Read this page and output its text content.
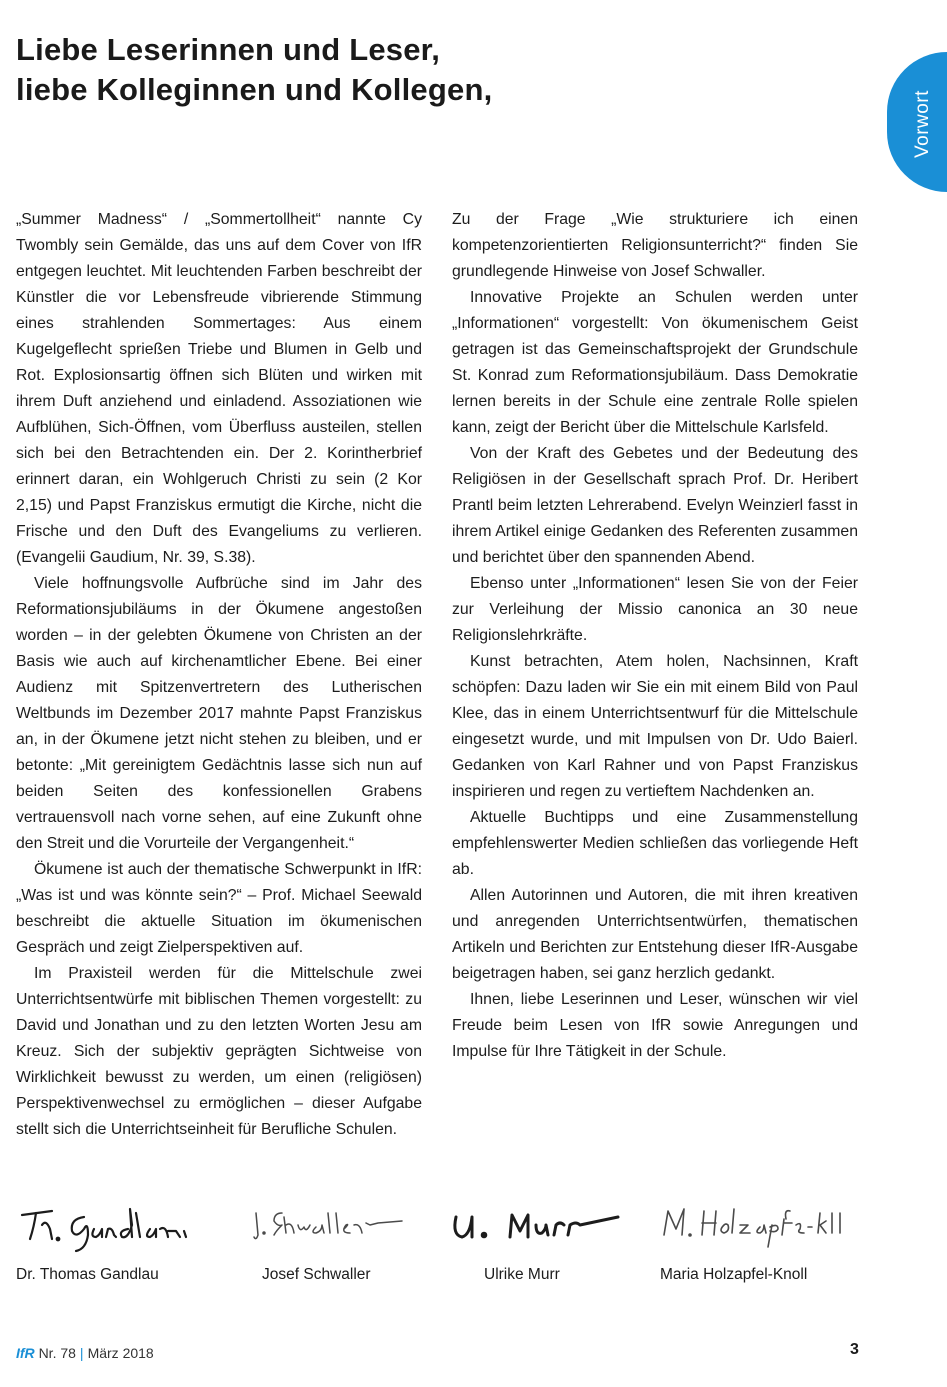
Liebe Leserinnen und Leser,
liebe Kolleginnen und Kollegen,
Vorwort

„Summer Madness“ / „Sommertollheit“ nannte Cy Twombly sein Gemälde, das uns auf dem Cover von IfR entgegen leuchtet. Mit leuchtenden Farben beschreibt der Künstler die vor Lebensfreude vibrierende Stimmung eines strahlenden Sommertages: Aus einem Kugelgeflecht sprießen Triebe und Blumen in Gelb und Rot. Explosionsartig öffnen sich Blüten und wirken mit ihrem Duft anziehend und einladend. Assoziationen wie Aufblühen, Sich-Öffnen, vom Überfluss austeilen, stellen sich bei den Betrachtenden ein. Der 2. Korintherbrief erinnert daran, ein Wohlgeruch Christi zu sein (2 Kor 2,15) und Papst Franziskus ermutigt die Kirche, nicht die Frische und den Duft des Evangeliums zu verlieren. (Evangelii Gaudium, Nr. 39, S.38).

Viele hoffnungsvolle Aufbrüche sind im Jahr des Reformationsjubiläums in der Ökumene angestoßen worden – in der gelebten Ökumene von Christen an der Basis wie auch auf kirchenamtlicher Ebene. Bei einer Audienz mit Spitzenvertretern des Lutherischen Weltbunds im Dezember 2017 mahnte Papst Franziskus an, in der Ökumene jetzt nicht stehen zu bleiben, und er betonte: „Mit gereinigtem Gedächtnis lasse sich nun auf beiden Seiten des konfessionellen Grabens vertrauensvoll nach vorne sehen, auf eine Zukunft ohne den Streit und die Vorurteile der Vergangenheit.“

Ökumene ist auch der thematische Schwerpunkt in IfR: „Was ist und was könnte sein?“ – Prof. Michael Seewald beschreibt die aktuelle Situation im ökumenischen Gespräch und zeigt Zielperspektiven auf.

Im Praxisteil werden für die Mittelschule zwei Unterrichtsentwürfe mit biblischen Themen vorgestellt: zu David und Jonathan und zu den letzten Worten Jesu am Kreuz. Sich der subjektiv geprägten Sichtweise von Wirklichkeit bewusst zu werden, um einen (religiösen) Perspektivenwechsel zu ermöglichen – dieser Aufgabe stellt sich die Unterrichtseinheit für Berufliche Schulen.

Zu der Frage „Wie strukturiere ich einen kompetenzorientierten Religionsunterricht?“ finden Sie grundlegende Hinweise von Josef Schwaller.

Innovative Projekte an Schulen werden unter „Informationen“ vorgestellt: Von ökumenischem Geist getragen ist das Gemeinschaftsprojekt der Grundschule St. Konrad zum Reformationsjubiläum. Dass Demokratie lernen bereits in der Schule eine zentrale Rolle spielen kann, zeigt der Bericht über die Mittelschule Karlsfeld.

Von der Kraft des Gebetes und der Bedeutung des Religiösen in der Gesellschaft sprach Prof. Dr. Heribert Prantl beim letzten Lehrerabend. Evelyn Weinzierl fasst in ihrem Artikel einige Gedanken des Referenten zusammen und berichtet über den spannenden Abend.

Ebenso unter „Informationen“ lesen Sie von der Feier zur Verleihung der Missio canonica an 30 neue Religionslehrkräfte.

Kunst betrachten, Atem holen, Nachsinnen, Kraft schöpfen: Dazu laden wir Sie ein mit einem Bild von Paul Klee, das in einem Unterrichtsentwurf für die Mittelschule eingesetzt wurde, und mit Impulsen von Dr. Udo Baierl. Gedanken von Karl Rahner und von Papst Franziskus inspirieren und regen zu vertieftem Nachdenken an.

Aktuelle Buchtipps und eine Zusammenstellung empfehlenswerter Medien schließen das vorliegende Heft ab.

Allen Autorinnen und Autoren, die mit ihren kreativen und anregenden Unterrichtsentwürfen, thematischen Artikeln und Berichten zur Entstehung dieser IfR-Ausgabe beigetragen haben, sei ganz herzlich gedankt.

Ihnen, liebe Leserinnen und Leser, wünschen wir viel Freude beim Lesen von IfR sowie Anregungen und Impulse für Ihre Tätigkeit in der Schule.

Dr. Thomas Gandlau	Josef Schwaller	Ulrike Murr	Maria Holzapfel-Knoll
IfR Nr. 78 | März 2018	3
